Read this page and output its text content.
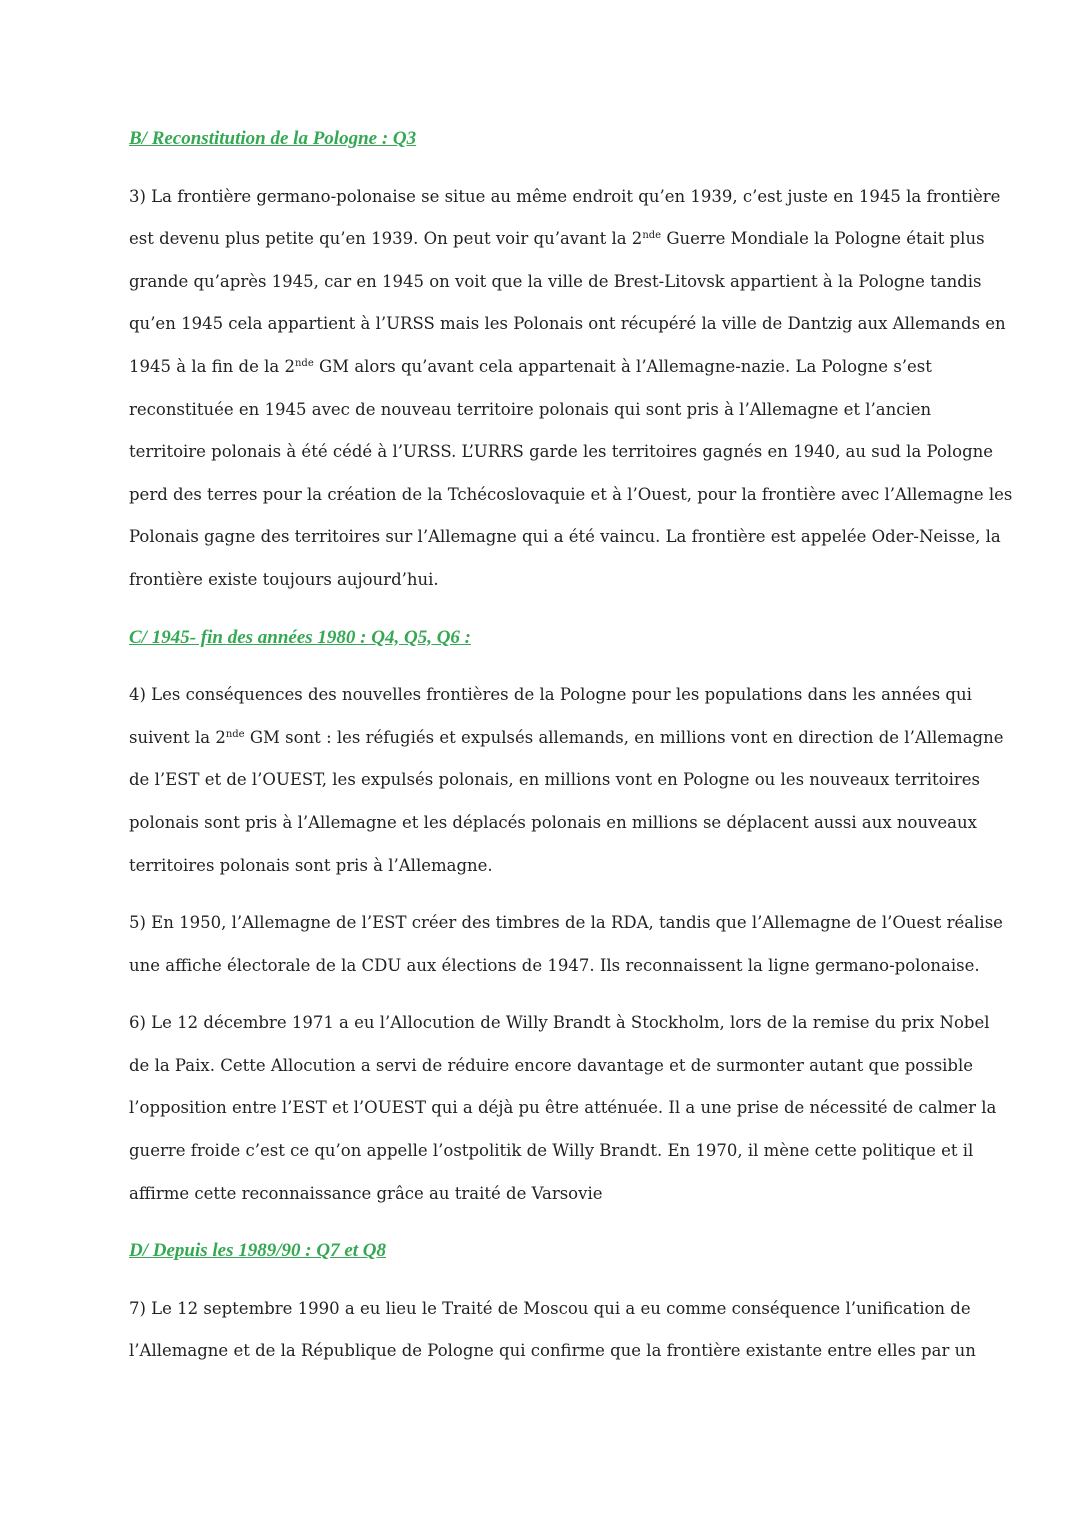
B/ Reconstitution de la Pologne : Q3

3) La frontière germano-polonaise se situe au même endroit qu’en 1939, c’est juste en 1945 la frontière
est devenu plus petite qu’en 1939. On peut voir qu’avant la 2nde Guerre Mondiale la Pologne était plus
grande qu’après 1945, car en 1945 on voit que la ville de Brest-Litovsk appartient à la Pologne tandis
qu’en 1945 cela appartient à l’URSS mais les Polonais ont récupéré la ville de Dantzig aux Allemands en
1945 à la fin de la 2nde GM alors qu’avant cela appartenait à l’Allemagne-nazie. La Pologne s’est
reconstituée en 1945 avec de nouveau territoire polonais qui sont pris à l’Allemagne et l’ancien
territoire polonais à été cédé à l’URSS. L’URRS garde les territoires gagnés en 1940, au sud la Pologne
perd des terres pour la création de la Tchécoslovaquie et à l’Ouest, pour la frontière avec l’Allemagne les
Polonais gagne des territoires sur l’Allemagne qui a été vaincu. La frontière est appelée Oder-Neisse, la
frontière existe toujours aujourd’hui.

C/ 1945- fin des années 1980 : Q4, Q5, Q6 :

4) Les conséquences des nouvelles frontières de la Pologne pour les populations dans les années qui
suivent la 2nde GM sont : les réfugiés et expulsés allemands, en millions vont en direction de l’Allemagne
de l’EST et de l’OUEST, les expulsés polonais, en millions vont en Pologne ou les nouveaux territoires
polonais sont pris à l’Allemagne et les déplacés polonais en millions se déplacent aussi aux nouveaux
territoires polonais sont pris à l’Allemagne.

5) En 1950, l’Allemagne de l’EST créer des timbres de la RDA, tandis que l’Allemagne de l’Ouest réalise
une affiche électorale de la CDU aux élections de 1947. Ils reconnaissent la ligne germano-polonaise.

6) Le 12 décembre 1971 a eu l’Allocution de Willy Brandt à Stockholm, lors de la remise du prix Nobel
de la Paix. Cette Allocution a servi de réduire encore davantage et de surmonter autant que possible
l’opposition entre l’EST et l’OUEST qui a déjà pu être atténuée. Il a une prise de nécessité de calmer la
guerre froide c’est ce qu’on appelle l’ostpolitik de Willy Brandt. En 1970, il mène cette politique et il
affirme cette reconnaissance grâce au traité de Varsovie

D/ Depuis les 1989/90 : Q7 et Q8

7) Le 12 septembre 1990 a eu lieu le Traité de Moscou qui a eu comme conséquence l’unification de
l’Allemagne et de la République de Pologne qui confirme que la frontière existante entre elles par un
